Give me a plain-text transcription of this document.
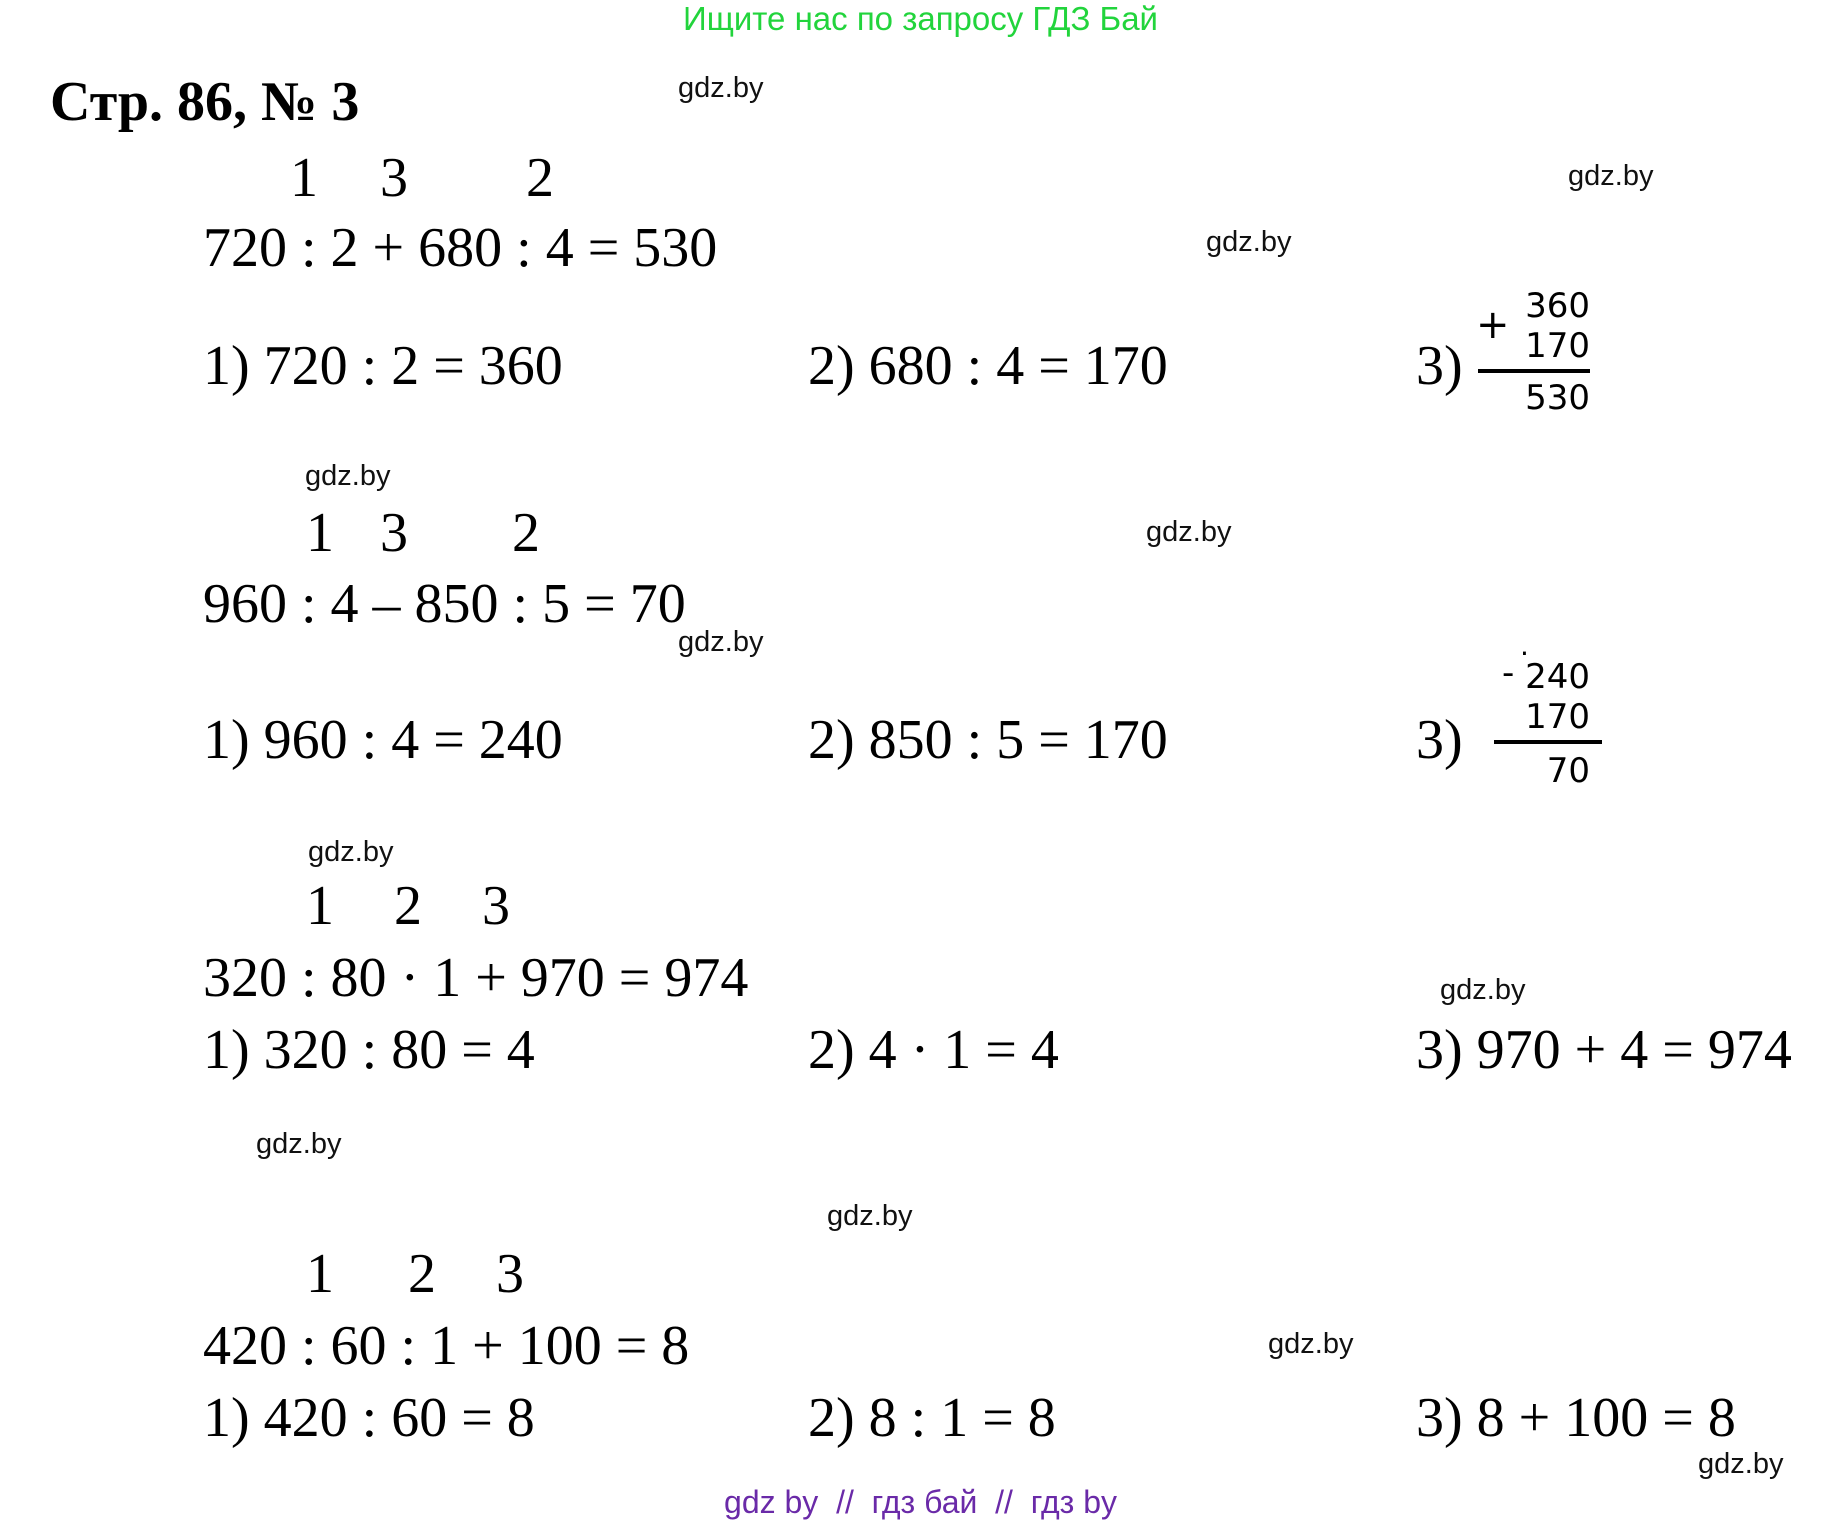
Ищите нас по запросу ГДЗ Бай
Стр. 86, № 3	gdz.by
gdz.by
gdz.by
gdz.by
gdz.by
gdz.by
gdz.by
gdz.by
gdz.by
gdz.by
gdz.by
gdz.by
1 3 2
720 : 2 + 680 : 4 = 530
1) 720 : 2 = 360	2) 680 : 4 = 170	3)
+ 360
170
530
1 3 2
960 : 4 – 850 : 5 = 70
1) 960 : 4 = 240	2) 850 : 5 = 170	3)
.
- 240
170
70
1 2 3
320 : 80 · 1 + 970 = 974
1) 320 : 80 = 4	2) 4 · 1 = 4	3) 970 + 4 = 974
1 2 3
420 : 60 : 1 + 100 = 8
1) 420 : 60 = 8	2) 8 : 1 = 8	3) 8 + 100 = 8
gdz by  //  гдз бай  //  гдз by
